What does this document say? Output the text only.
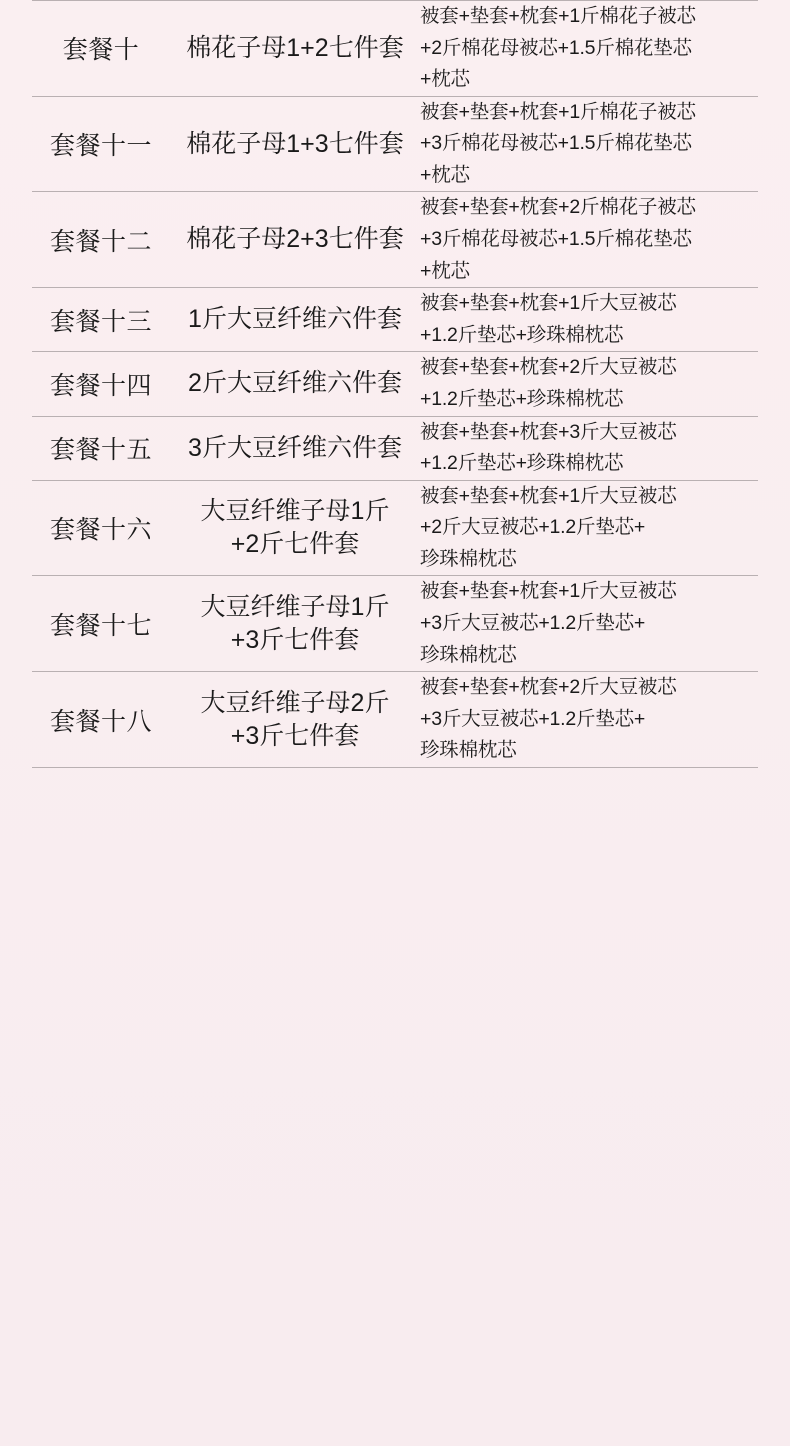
套餐十	棉花子母1+2七件套	被套+垫套+枕套+1斤棉花子被芯
+2斤棉花母被芯+1.5斤棉花垫芯
+枕芯

套餐十一	棉花子母1+3七件套	被套+垫套+枕套+1斤棉花子被芯
+3斤棉花母被芯+1.5斤棉花垫芯
+枕芯

套餐十二	棉花子母2+3七件套	被套+垫套+枕套+2斤棉花子被芯
+3斤棉花母被芯+1.5斤棉花垫芯
+枕芯

套餐十三	1斤大豆纤维六件套	被套+垫套+枕套+1斤大豆被芯
+1.2斤垫芯+珍珠棉枕芯

套餐十四	2斤大豆纤维六件套	被套+垫套+枕套+2斤大豆被芯
+1.2斤垫芯+珍珠棉枕芯

套餐十五	3斤大豆纤维六件套	被套+垫套+枕套+3斤大豆被芯
+1.2斤垫芯+珍珠棉枕芯

套餐十六	大豆纤维子母1斤
+2斤七件套	被套+垫套+枕套+1斤大豆被芯
+2斤大豆被芯+1.2斤垫芯+
珍珠棉枕芯

套餐十七	大豆纤维子母1斤
+3斤七件套	被套+垫套+枕套+1斤大豆被芯
+3斤大豆被芯+1.2斤垫芯+
珍珠棉枕芯

套餐十八	大豆纤维子母2斤
+3斤七件套	被套+垫套+枕套+2斤大豆被芯
+3斤大豆被芯+1.2斤垫芯+
珍珠棉枕芯
